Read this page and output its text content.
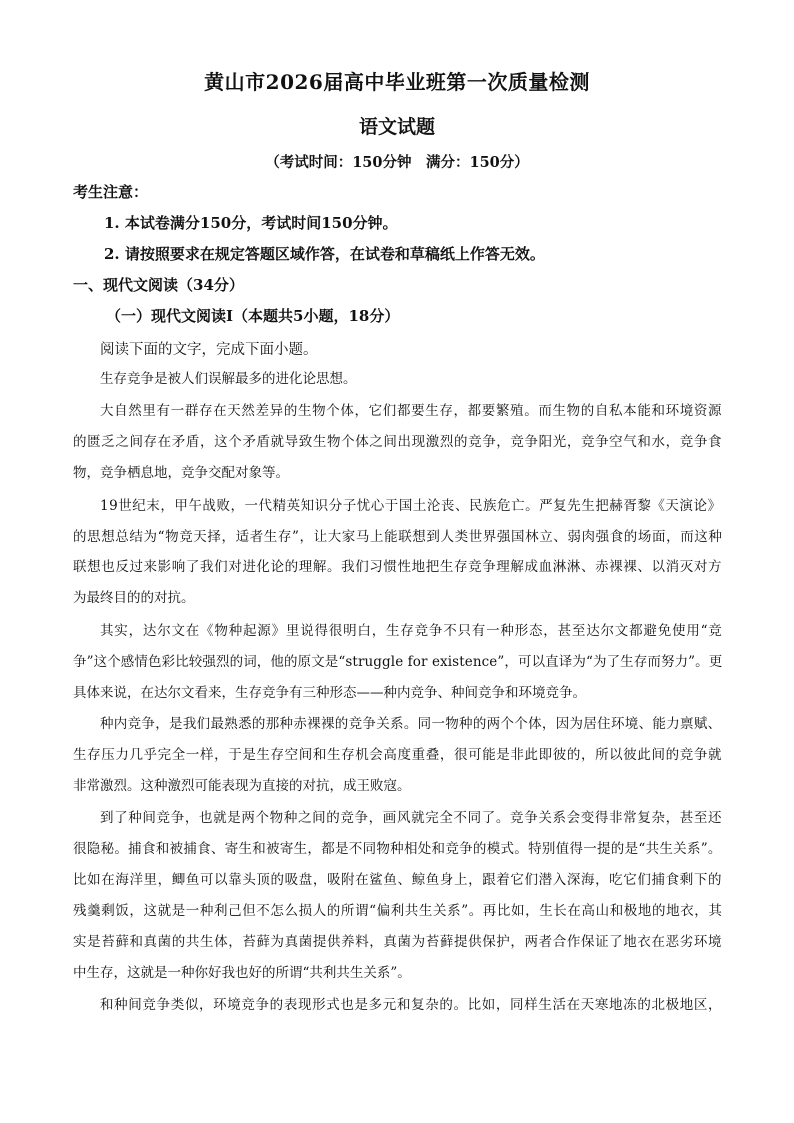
黄山市2026届高中毕业班第一次质量检测
语文试题
（考试时间：150分钟　满分：150分）
考生注意：
1. 本试卷满分150分，考试时间150分钟。
2. 请按照要求在规定答题区域作答，在试卷和草稿纸上作答无效。
一、现代文阅读（34分）
（一）现代文阅读I（本题共5小题，18分）
阅读下面的文字，完成下面小题。
生存竞争是被人们误解最多的进化论思想。
大自然里有一群存在天然差异的生物个体，它们都要生存，都要繁殖。而生物的自私本能和环境资源
的匮乏之间存在矛盾，这个矛盾就导致生物个体之间出现激烈的竞争，竞争阳光，竞争空气和水，竞争食
物，竞争栖息地，竞争交配对象等。
19世纪末，甲午战败，一代精英知识分子忧心于国土沦丧、民族危亡。严复先生把赫胥黎《天演论》
的思想总结为“物竞天择，适者生存”，让大家马上能联想到人类世界强国林立、弱肉强食的场面，而这种
联想也反过来影响了我们对进化论的理解。我们习惯性地把生存竞争理解成血淋淋、赤裸裸、以消灭对方
为最终目的的对抗。
其实，达尔文在《物种起源》里说得很明白，生存竞争不只有一种形态，甚至达尔文都避免使用“竞
争”这个感情色彩比较强烈的词，他的原文是“struggle for existence”，可以直译为“为了生存而努力”。更
具体来说，在达尔文看来，生存竞争有三种形态——种内竞争、种间竞争和环境竞争。
种内竞争，是我们最熟悉的那种赤裸裸的竞争关系。同一物种的两个个体，因为居住环境、能力禀赋、
生存压力几乎完全一样，于是生存空间和生存机会高度重叠，很可能是非此即彼的，所以彼此间的竞争就
非常激烈。这种激烈可能表现为直接的对抗，成王败寇。
到了种间竞争，也就是两个物种之间的竞争，画风就完全不同了。竞争关系会变得非常复杂，甚至还
很隐秘。捕食和被捕食、寄生和被寄生，都是不同物种相处和竞争的模式。特别值得一提的是“共生关系”。
比如在海洋里，鲫鱼可以靠头顶的吸盘，吸附在鲨鱼、鲸鱼身上，跟着它们潜入深海，吃它们捕食剩下的
残羹剩饭，这就是一种利己但不怎么损人的所谓“偏利共生关系”。再比如，生长在高山和极地的地衣，其
实是苔藓和真菌的共生体，苔藓为真菌提供养料，真菌为苔藓提供保护，两者合作保证了地衣在恶劣环境
中生存，这就是一种你好我也好的所谓“共利共生关系”。
和种间竞争类似，环境竞争的表现形式也是多元和复杂的。比如，同样生活在天寒地冻的北极地区，
